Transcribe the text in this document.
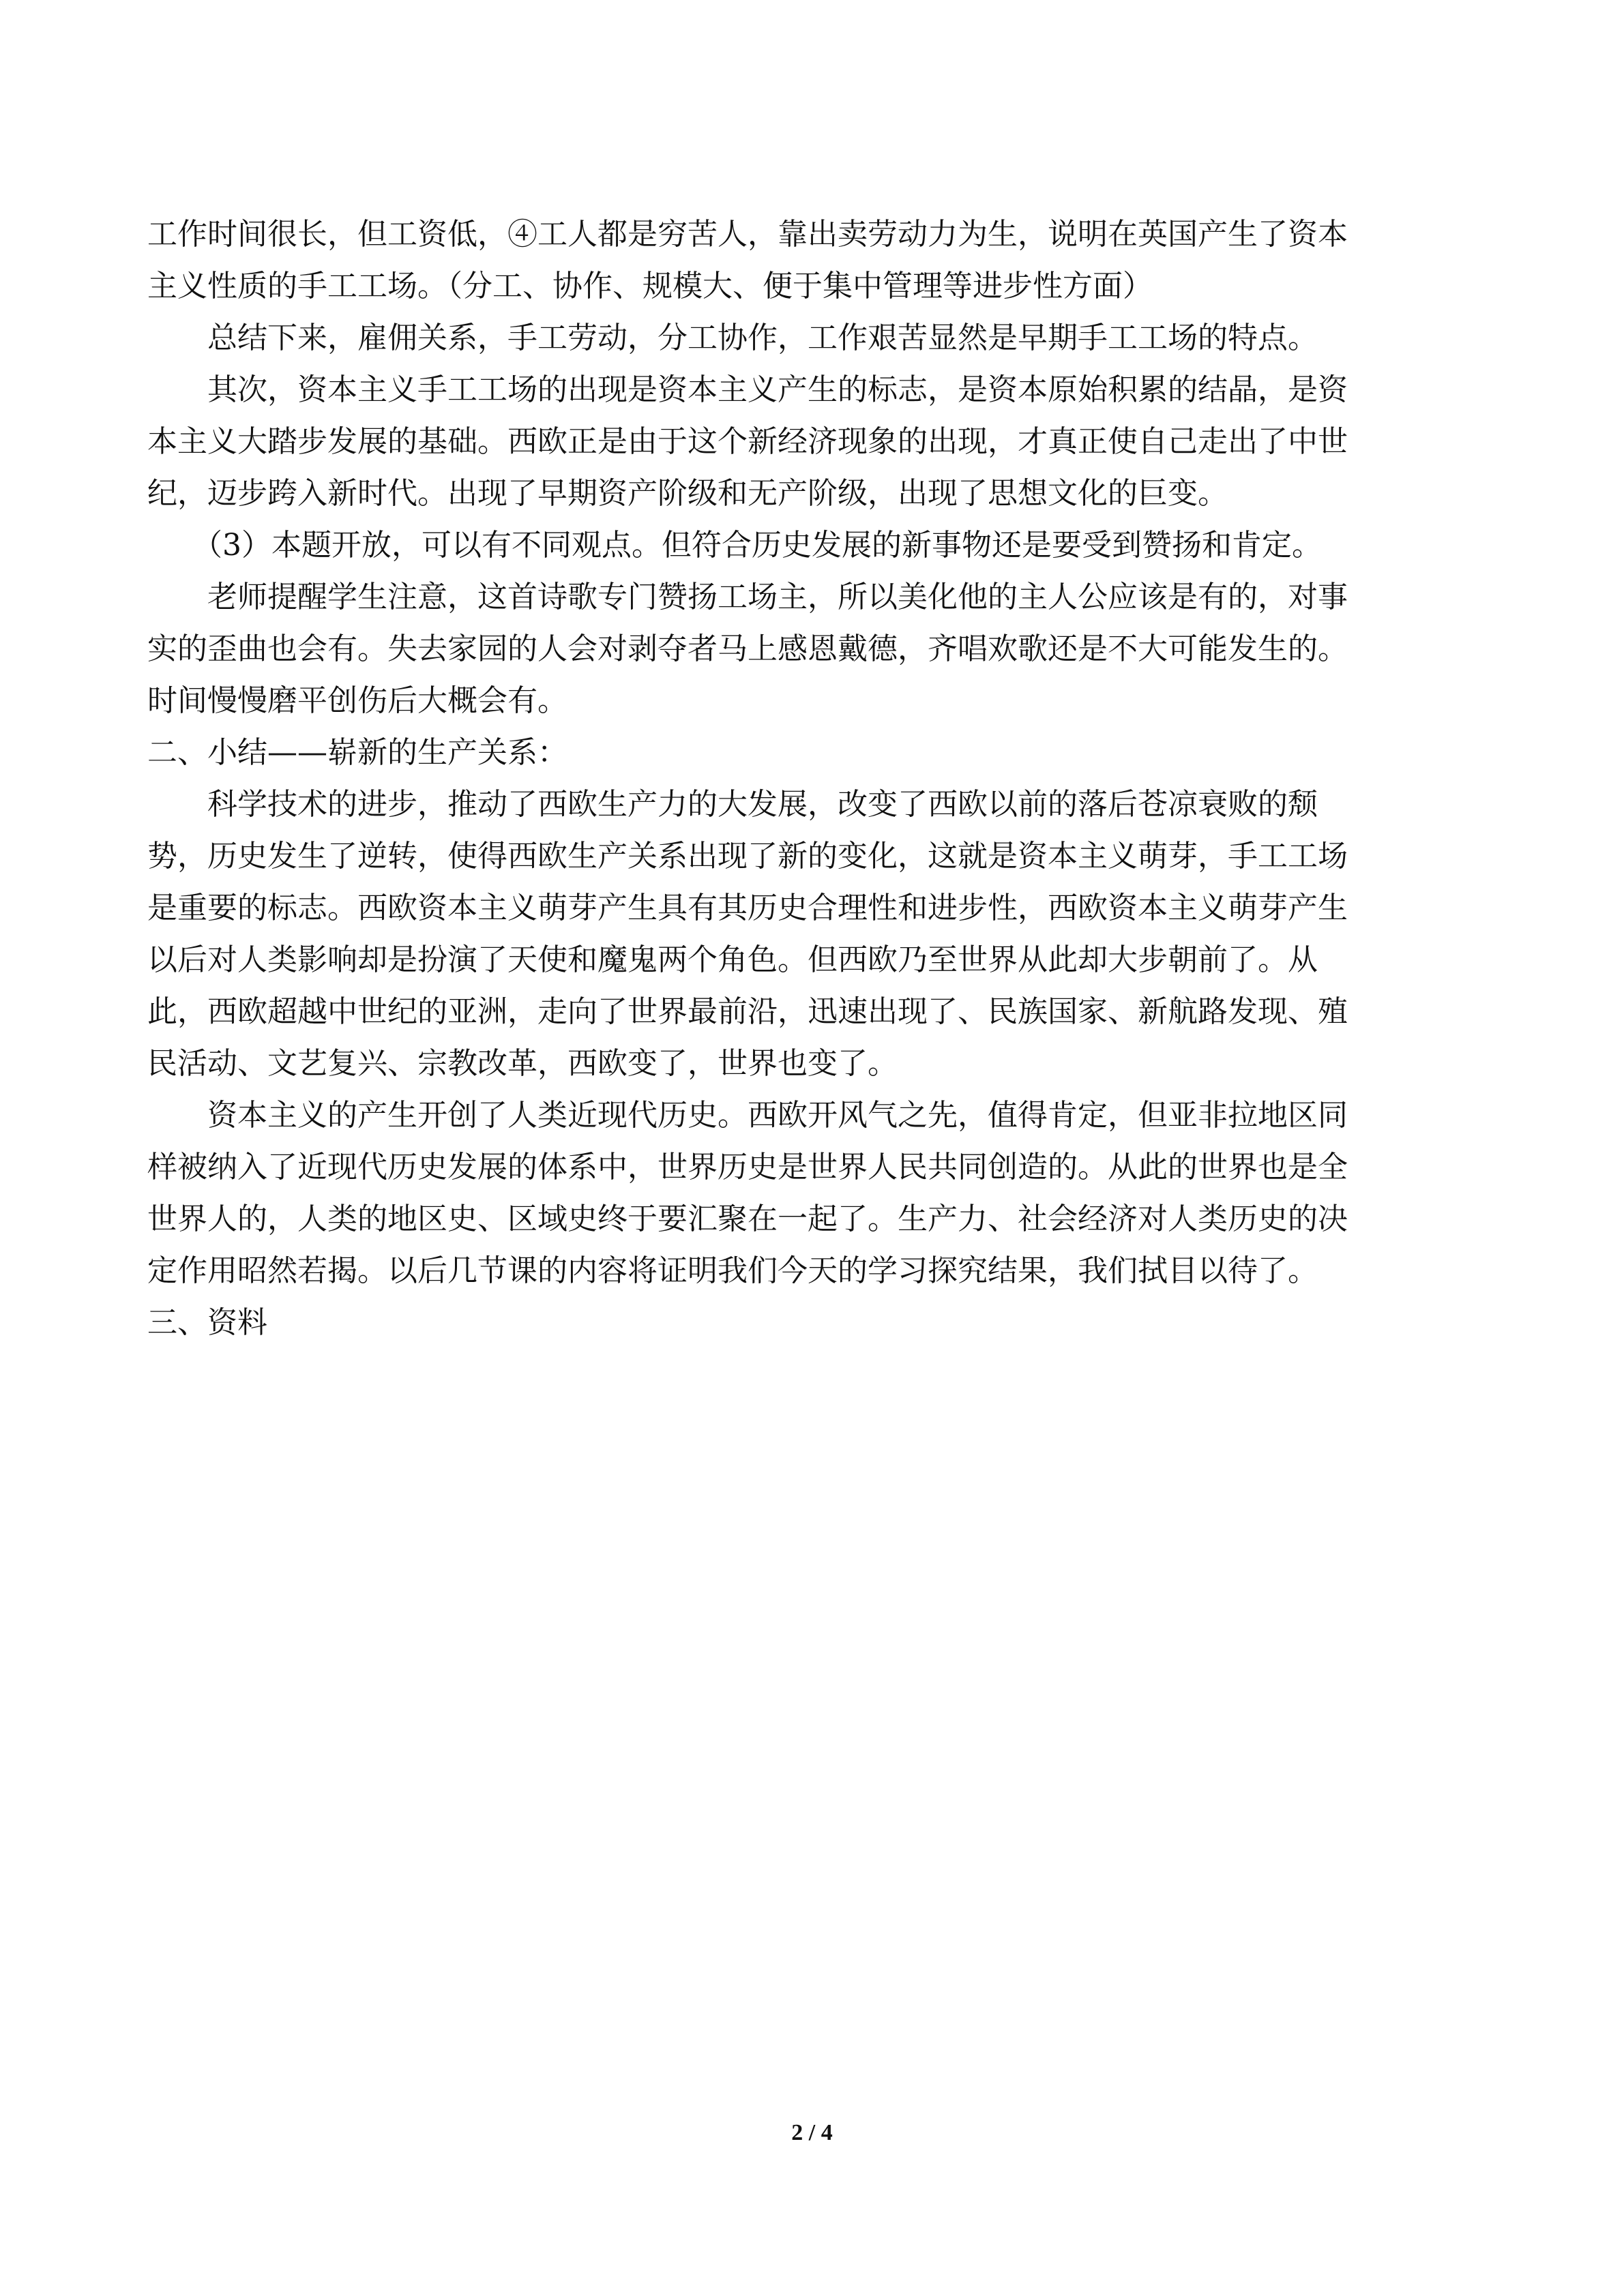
工作时间很长，但工资低，④工人都是穷苦人，靠出卖劳动力为生，说明在英国产生了资本
主义性质的手工工场。（分工、协作、规模大、便于集中管理等进步性方面）
总结下来，雇佣关系，手工劳动，分工协作，工作艰苦显然是早期手工工场的特点。
其次，资本主义手工工场的出现是资本主义产生的标志，是资本原始积累的结晶，是资
本主义大踏步发展的基础。西欧正是由于这个新经济现象的出现，才真正使自己走出了中世
纪，迈步跨入新时代。出现了早期资产阶级和无产阶级，出现了思想文化的巨变。
（3）本题开放，可以有不同观点。但符合历史发展的新事物还是要受到赞扬和肯定。
老师提醒学生注意，这首诗歌专门赞扬工场主，所以美化他的主人公应该是有的，对事
实的歪曲也会有。失去家园的人会对剥夺者马上感恩戴德，齐唱欢歌还是不大可能发生的。
时间慢慢磨平创伤后大概会有。
二、小结——崭新的生产关系：
科学技术的进步，推动了西欧生产力的大发展，改变了西欧以前的落后苍凉衰败的颓
势，历史发生了逆转，使得西欧生产关系出现了新的变化，这就是资本主义萌芽，手工工场
是重要的标志。西欧资本主义萌芽产生具有其历史合理性和进步性，西欧资本主义萌芽产生
以后对人类影响却是扮演了天使和魔鬼两个角色。但西欧乃至世界从此却大步朝前了。从
此，西欧超越中世纪的亚洲，走向了世界最前沿，迅速出现了、民族国家、新航路发现、殖
民活动、文艺复兴、宗教改革，西欧变了，世界也变了。
资本主义的产生开创了人类近现代历史。西欧开风气之先，值得肯定，但亚非拉地区同
样被纳入了近现代历史发展的体系中，世界历史是世界人民共同创造的。从此的世界也是全
世界人的，人类的地区史、区域史终于要汇聚在一起了。生产力、社会经济对人类历史的决
定作用昭然若揭。以后几节课的内容将证明我们今天的学习探究结果，我们拭目以待了。
三、资料
2 / 4
